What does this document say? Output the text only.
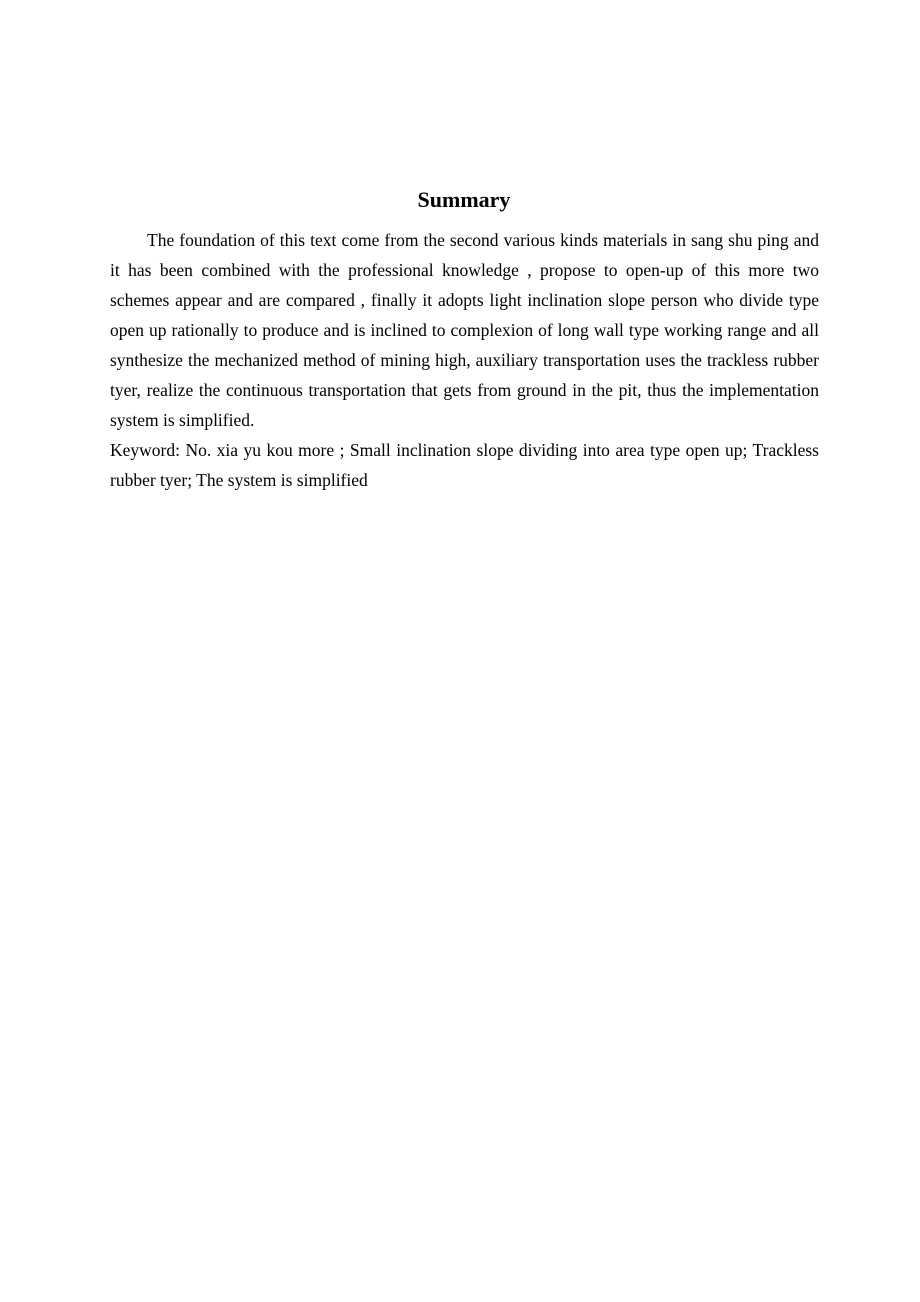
Summary

The foundation of this text come from the second various kinds materials in sang shu ping and it has been combined with the professional knowledge , propose to open-up of this more two schemes appear and are compared , finally it adopts light inclination slope person who divide type open up rationally to produce and is inclined to complexion of long wall type working range and all synthesize the mechanized method of mining high, auxiliary transportation uses the trackless rubber tyer, realize the continuous transportation that gets from ground in the pit, thus the implementation system is simplified.

Keyword: No. xia yu kou more ; Small inclination slope dividing into area type open up; Trackless rubber tyer; The system is simplified
